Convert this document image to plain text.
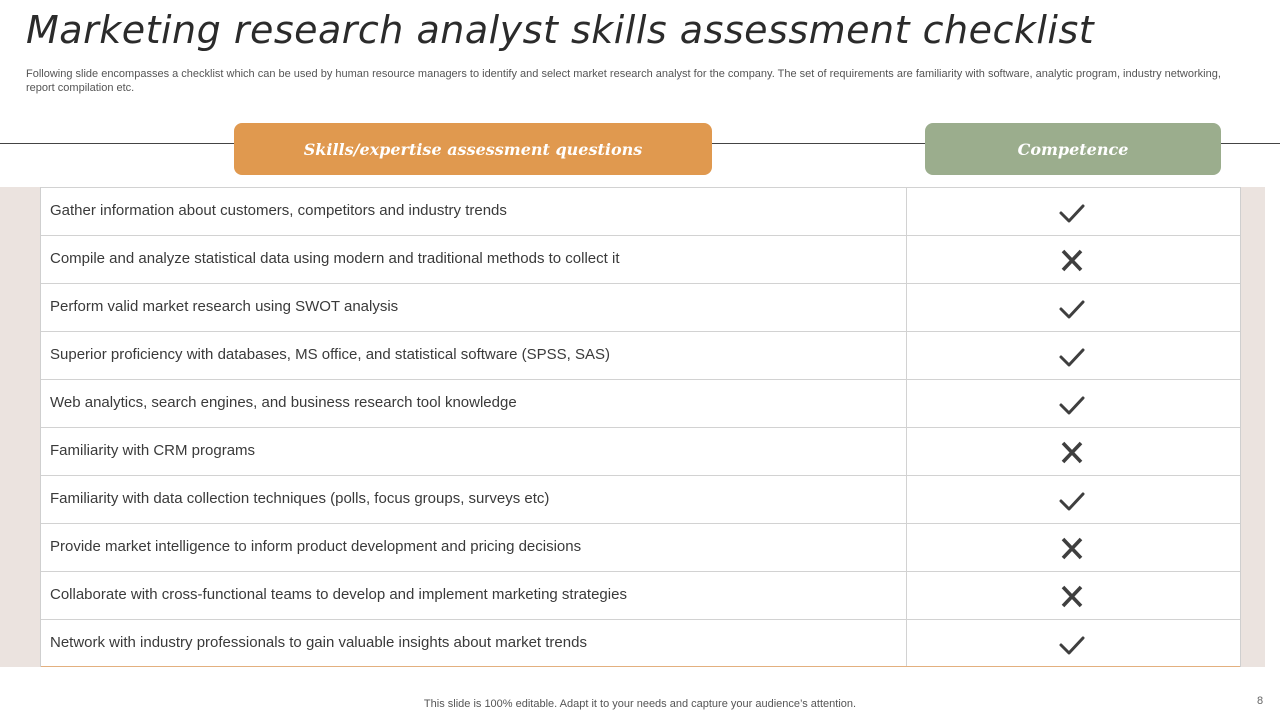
Marketing research analyst skills assessment checklist
Following slide encompasses a checklist which can be used by human resource managers to identify and select market research analyst for the company. The set of requirements are familiarity with software, analytic program, industry networking, report compilation etc.
Skills/expertise assessment questions	Competence
Gather information about customers, competitors and industry trends
Compile and analyze statistical data using modern and traditional methods to collect it
Perform valid market research using SWOT analysis
Superior proficiency with databases, MS office, and statistical software (SPSS, SAS)
Web analytics, search engines, and business research tool knowledge
Familiarity with CRM programs
Familiarity with data collection techniques (polls, focus groups, surveys etc)
Provide market intelligence to inform product development and pricing decisions
Collaborate with cross-functional teams to develop and implement marketing strategies
Network with industry professionals to gain valuable insights about market trends
This slide is 100% editable. Adapt it to your needs and capture your audience’s attention.	8
